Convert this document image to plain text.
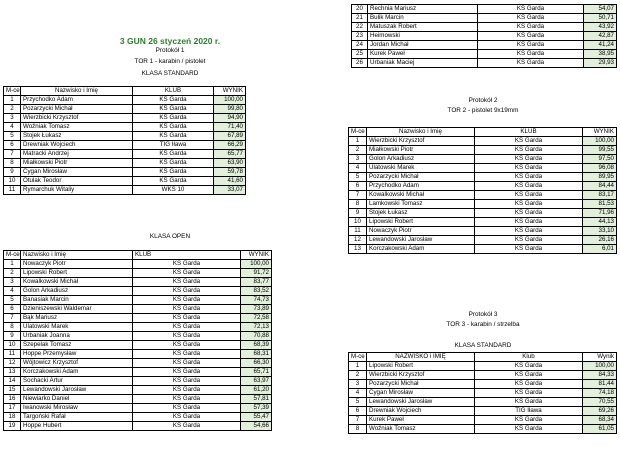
3 GUN 26 styczeń 2020 r.
Protokół 1
TOR 1 - karabin / pistolet
KLASA STANDARD
M-ce	Nazwisko i Imię	KLUB	WYNIK
1	Przychodko Adam	KS Garda	100,00
2	Pozarzycki Michał	KS Garda	99,80
3	Wierzbicki Krzysztof	KS Garda	94,90
4	Woźniak Tomasz	KS Garda	71,40
5	Stojek Łukasz	KS Garda	67,89
6	Drewniak Wojciech	TIG Iława	66,29
7	Matracki Andrzej	KS Garda	65,77
8	Miałkowski Piotr	KS Garda	63,90
9	Cygan Mirosław	KS Garda	59,78
10	Otulak Teodor	KS Garda	41,60
11	Rymarchuk Witaliy	WKS 10	33,07
KLASA OPEN
M-ce	Nazwisko i Imię	KLUB	WYNIK
1	Nowaczyk Piotr	KS Garda	100,00
2	Lipowski Robert	KS Garda	91,72
3	Kowalkowski Michał	KS Garda	83,77
4	Golon Arkadiusz	KS Garda	83,52
5	Banasiak Marcin	KS Garda	74,73
6	Dzieniszewski Waldemar	KS Garda	73,89
7	Bąk Mariusz	KS Garda	72,58
8	Ulatowski Marek	KS Garda	72,13
9	Urbaniak Joanna	KS Garda	70,88
10	Szepelak Tomasz	KS Garda	68,39
11	Hoppe Przemysław	KS Garda	68,31
12	Wójtowicz Krzysztof	KS Garda	66,30
13	Korczakowski Adam	KS Garda	65,71
14	Sochacki Artur	KS Garda	63,97
15	Lewandowski Jarosław	KS Garda	61,20
16	Niewiarko Daniel	KS Garda	57,81
17	Iwanowski Mirosław	KS Garda	57,39
18	Targoński Rafał	KS Garda	55,47
19	Hoppe Hubert	KS Garda	54,66
20	Rechnia Mariusz	KS Garda	54,07
21	Bulik Marcin	KS Garda	50,71
22	Matuszak Robert	KS Garda	43,92
23	Heimowski	KS Garda	42,87
24	Jordan Michał	KS Garda	41,24
25	Kurek Paweł	KS Garda	38,95
26	Urbaniak Maciej	KS Garda	29,93
Protokół 2
TOR 2 - pistolet 9x19mm
M-ce	Nazwisko i Imię	KLUB	WYNIK
1	Wierzbicki Krzysztof	KS Garda	100,00
2	Miałkowski Piotr	KS Garda	99,55
3	Golon Arkadiusz	KS Garda	97,50
4	Ulatowski Marek	KS Garda	96,08
5	Pozarzycki Michał	KS Garda	89,95
6	Przychodko Adam	KS Garda	84,44
7	Kowalkowski Michał	KS Garda	83,17
8	Lamkowski Tomasz	KS Garda	81,53
9	Stojek Łukasz	KS Garda	71,96
10	Lipowski Robert	KS Garda	44,13
11	Nowaczyk Piotr	KS Garda	33,10
12	Lewandowski Jarosław	KS Garda	26,16
13	Korczakowski Adam	KS Garda	6,01
Protokół 3
TOR 3 - karabin / strzelba
KLASA STANDARD
M-ce	NAZWISKO i IMIĘ	Klub	Wynik
1	Lipowski Robert	KS Garda	100,00
2	Wierzbicki Krzysztof	KS Garda	84,33
3	Pozarzycki Michał	KS Garda	81,44
4	Cygan Mirosław	KS Garda	74,18
5	Lewandowski Jarosław	KS Garda	70,55
6	Drewniak Wojciech	TIG Iława	69,26
7	Kurek Paweł	KS Garda	68,34
8	Woźniak Tomasz	KS Garda	61,05
